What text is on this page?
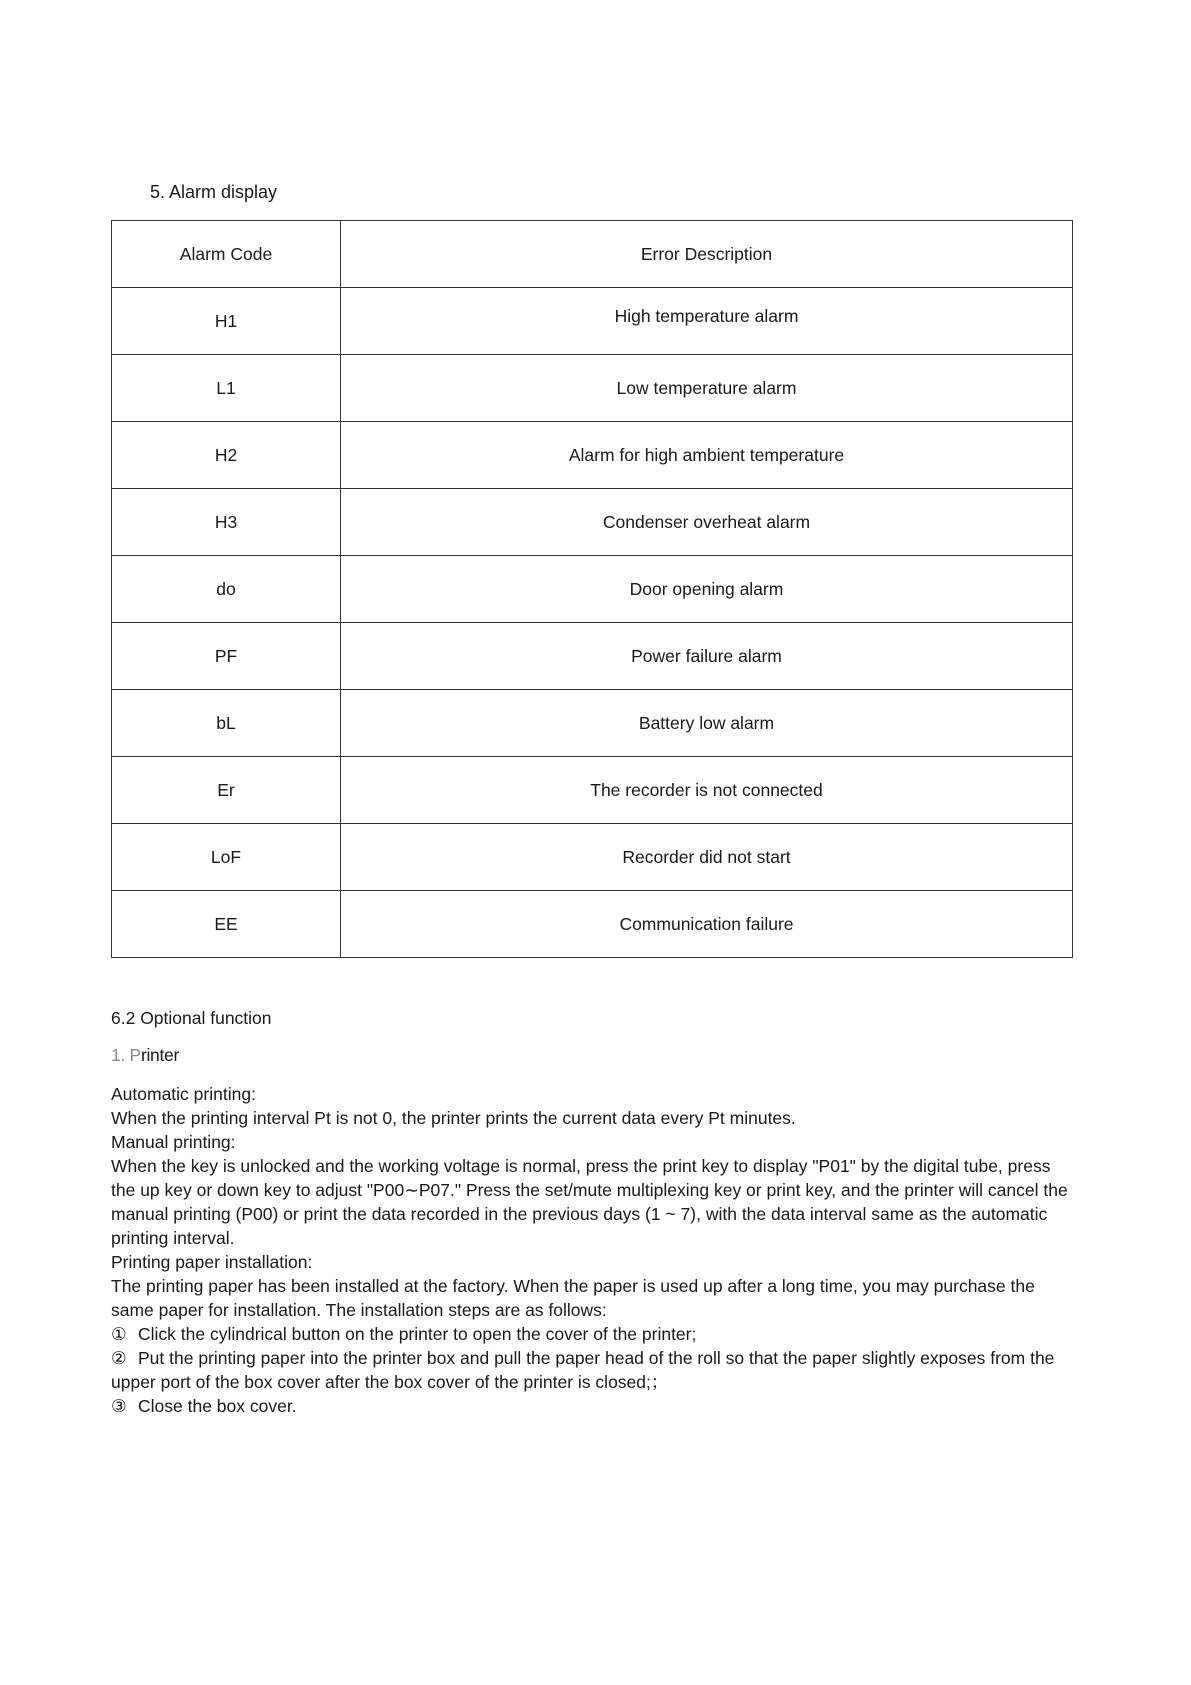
5. Alarm display
Alarm Code	Error Description
H1	High temperature alarm
L1	Low temperature alarm
H2	Alarm for high ambient temperature
H3	Condenser overheat alarm
do	Door opening alarm
PF	Power failure alarm
bL	Battery low alarm
Er	The recorder is not connected
LoF	Recorder did not start
EE	Communication failure
6.2 Optional function
1. Printer

Automatic printing:

When the printing interval Pt is not 0, the printer prints the current data every Pt minutes.

Manual printing:

When the key is unlocked and the working voltage is normal, press the print key to display "P01" by the digital tube, press the up key or down key to adjust "P00∼P07." Press the set/mute multiplexing key or print key, and the printer will cancel the manual printing (P00) or print the data recorded in the previous days (1 ~ 7), with the data interval same as the automatic printing interval.

Printing paper installation:

The printing paper has been installed at the factory. When the paper is used up after a long time, you may purchase the same paper for installation. The installation steps are as follows:

① Click the cylindrical button on the printer to open the cover of the printer;

② Put the printing paper into the printer box and pull the paper head of the roll so that the paper slightly exposes from the upper port of the box cover after the box cover of the printer is closed;；

③ Close the box cover.
